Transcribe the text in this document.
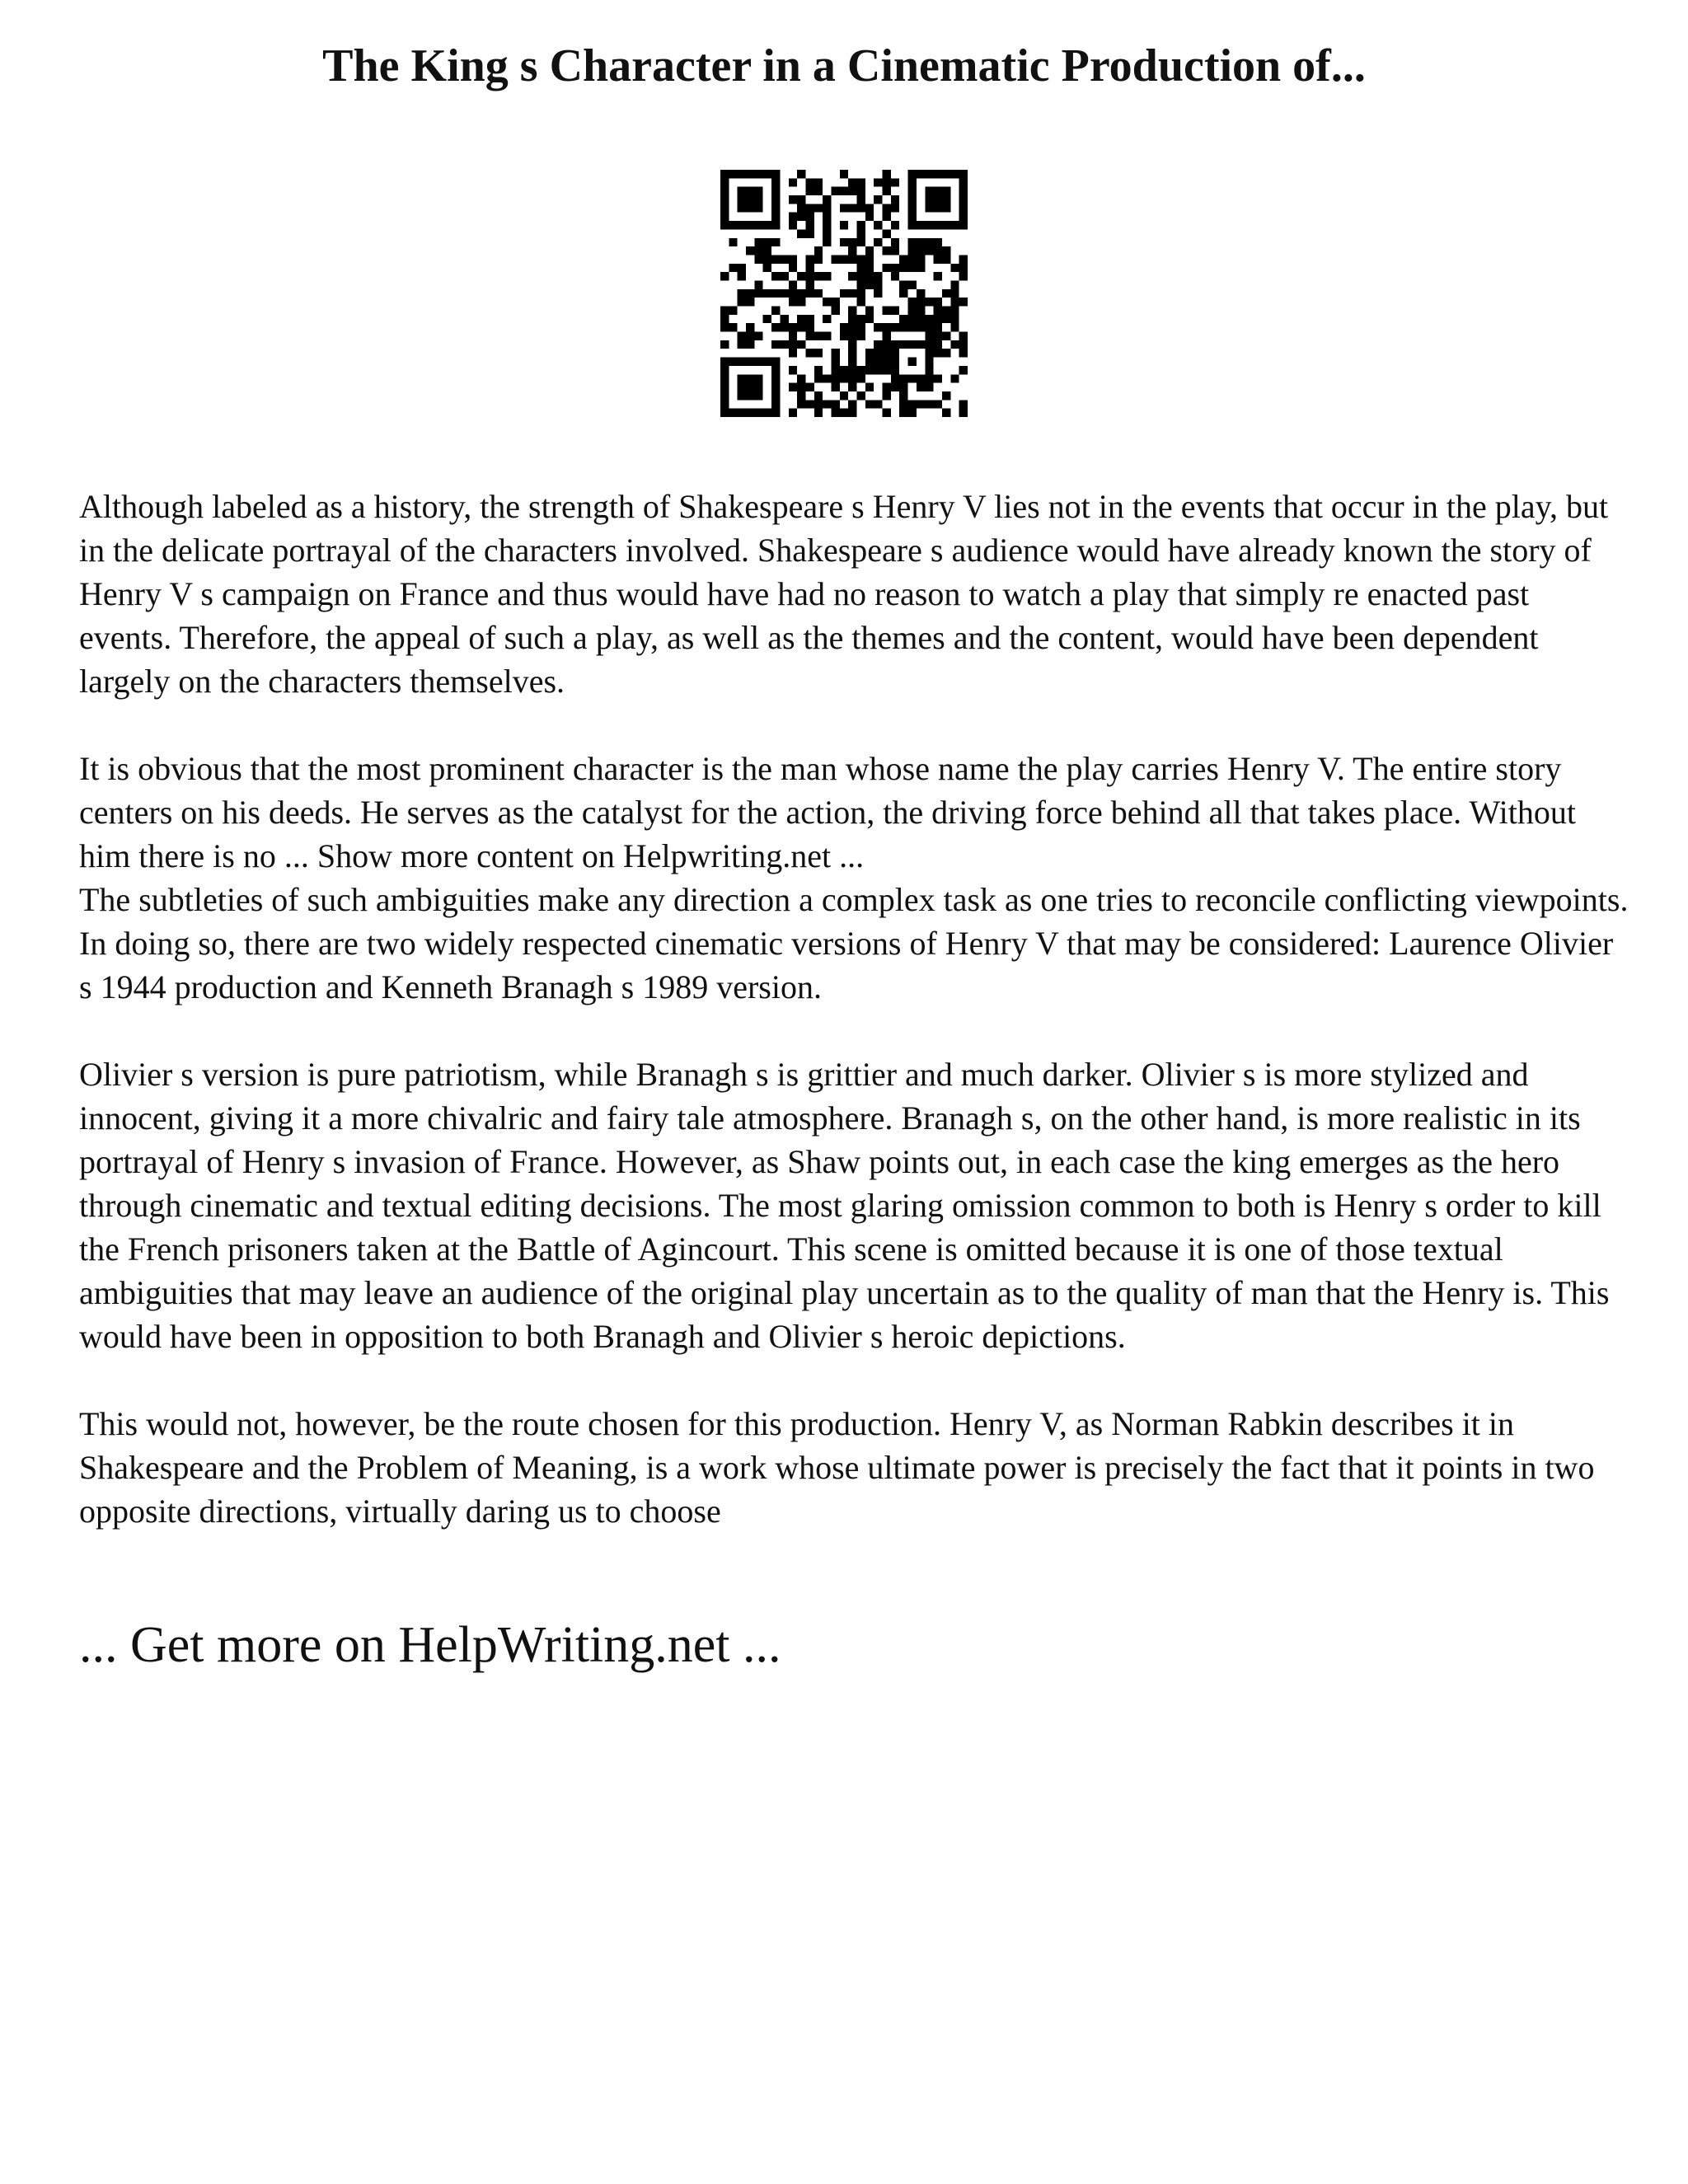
The King s Character in a Cinematic Production of...

Although labeled as a history, the strength of Shakespeare s Henry V lies not in the events that occur in the play, but in the delicate portrayal of the characters involved. Shakespeare s audience would have already known the story of Henry V s campaign on France and thus would have had no reason to watch a play that simply re enacted past events. Therefore, the appeal of such a play, as well as the themes and the content, would have been dependent largely on the characters themselves.

It is obvious that the most prominent character is the man whose name the play carries Henry V. The entire story centers on his deeds. He serves as the catalyst for the action, the driving force behind all that takes place. Without him there is no ... Show more content on Helpwriting.net ...

The subtleties of such ambiguities make any direction a complex task as one tries to reconcile conflicting viewpoints. In doing so, there are two widely respected cinematic versions of Henry V that may be considered: Laurence Olivier s 1944 production and Kenneth Branagh s 1989 version.

Olivier s version is pure patriotism, while Branagh s is grittier and much darker. Olivier s is more stylized and innocent, giving it a more chivalric and fairy tale atmosphere. Branagh s, on the other hand, is more realistic in its portrayal of Henry s invasion of France. However, as Shaw points out, in each case the king emerges as the hero through cinematic and textual editing decisions. The most glaring omission common to both is Henry s order to kill the French prisoners taken at the Battle of Agincourt. This scene is omitted because it is one of those textual ambiguities that may leave an audience of the original play uncertain as to the quality of man that the Henry is. This would have been in opposition to both Branagh and Olivier s heroic depictions.

This would not, however, be the route chosen for this production. Henry V, as Norman Rabkin describes it in Shakespeare and the Problem of Meaning, is a work whose ultimate power is precisely the fact that it points in two opposite directions, virtually daring us to choose

... Get more on HelpWriting.net ...
